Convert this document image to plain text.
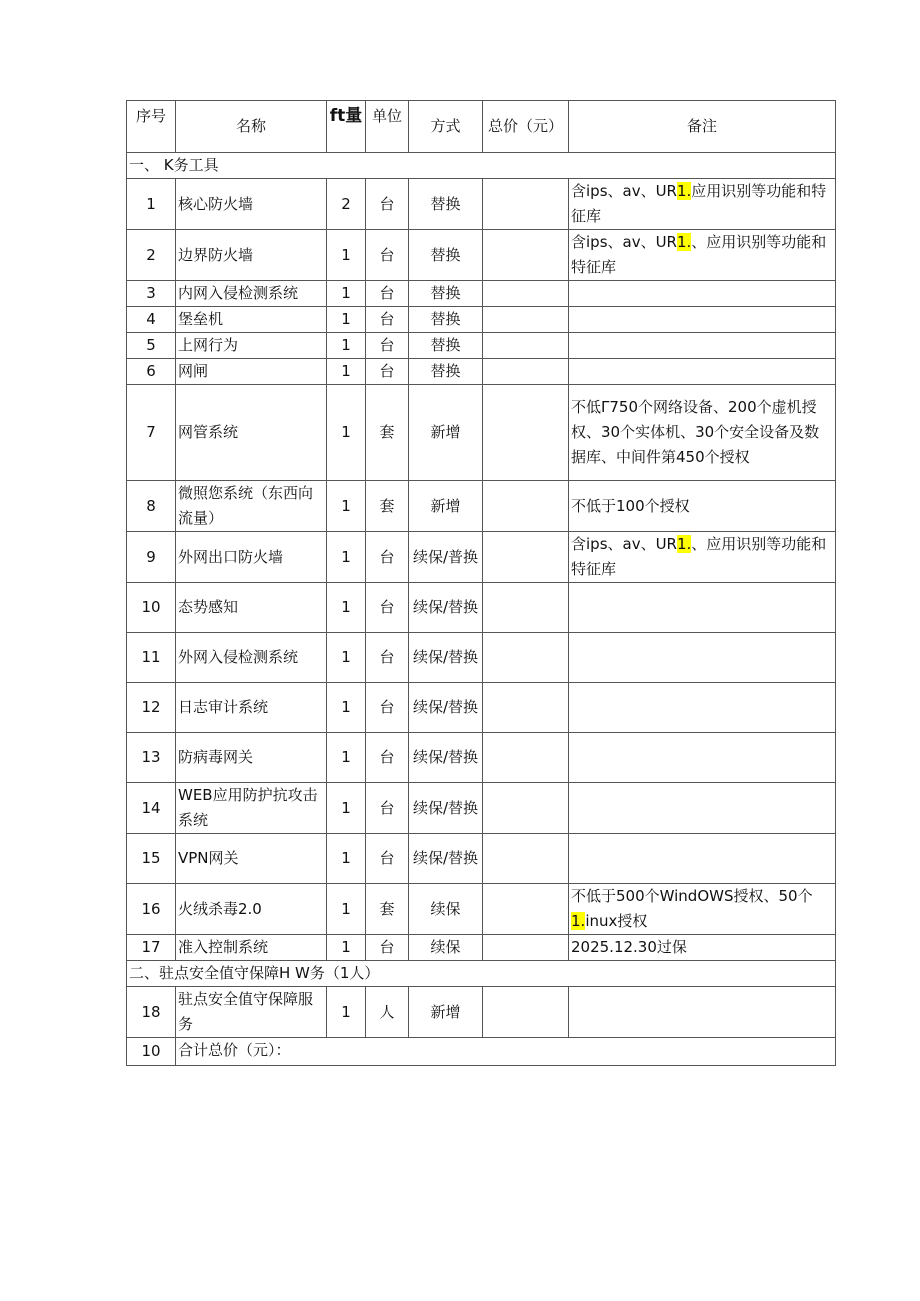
序号	名称	ft量	单位	方式	总价（元）	备注
一、 K务工具						
1	核心防火墙	2	台	替换		含ips、av、UR1.应用识别等功能和特征库
2	边界防火墙	1	台	替换		含ips、av、UR1.、应用识别等功能和特征库
3	内网入侵检测系统	1	台	替换		
4	堡垒机	1	台	替换		
5	上网行为	1	台	替换		
6	网闸	1	台	替换		
7	网管系统	1	套	新增		不低Γ750个网络设备、200个虚机授权、30个实体机、30个安全设备及数据库、中间件第450个授权
8	微照您系统（东西向流量）	1	套	新增		不低于100个授权
9	外网出口防火墙	1	台	续保/普换		含ips、av、UR1.、应用识别等功能和特征库
10	态势感知	1	台	续保/替换		
11	外网入侵检测系统	1	台	续保/替换		
12	日志审计系统	1	台	续保/替换		
13	防病毒网关	1	台	续保/替换		
14	WEB应用防护抗攻击系统	1	台	续保/替换		
15	VPN网关	1	台	续保/替换		
16	火绒杀毒2.0	1	套	续保		不低于500个WindOWS授权、50个1.inux授权
17	准入控制系统	1	台	续保		2025.12.30过保
二、驻点安全值守保障H W务（1人）						
18	驻点安全值守保障服务	1	人	新增		
10	合计总价（元）：					
